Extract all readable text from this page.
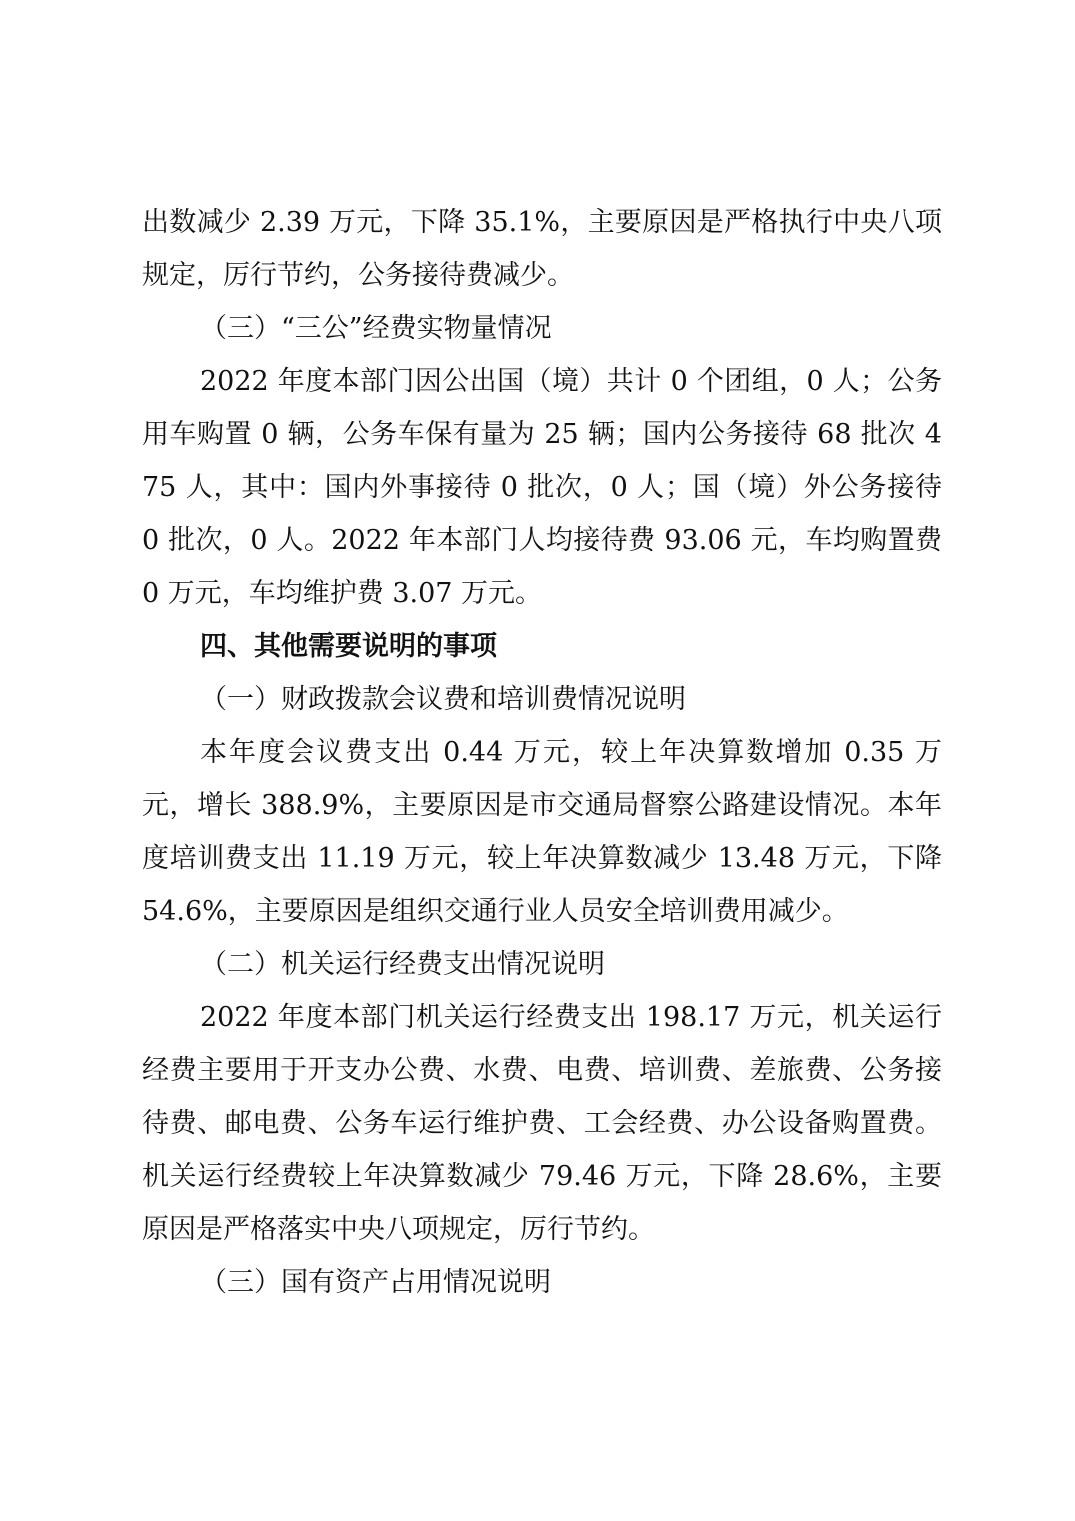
出数减少 2.39 万元，下降 35.1%，主要原因是严格执行中央八项规定，厉行节约，公务接待费减少。

（三）“三公”经费实物量情况

2022 年度本部门因公出国（境）共计 0 个团组，0 人；公务用车购置 0 辆，公务车保有量为 25 辆；国内公务接待 68 批次 475 人，其中：国内外事接待 0 批次，0 人；国（境）外公务接待 0 批次，0 人。2022 年本部门人均接待费 93.06 元，车均购置费 0 万元，车均维护费 3.07 万元。

四、其他需要说明的事项
（一）财政拨款会议费和培训费情况说明

本年度会议费支出 0.44 万元，较上年决算数增加 0.35 万元，增长 388.9%，主要原因是市交通局督察公路建设情况。本年度培训费支出 11.19 万元，较上年决算数减少 13.48 万元，下降 54.6%，主要原因是组织交通行业人员安全培训费用减少。

（二）机关运行经费支出情况说明

2022 年度本部门机关运行经费支出 198.17 万元，机关运行经费主要用于开支办公费、水费、电费、培训费、差旅费、公务接待费、邮电费、公务车运行维护费、工会经费、办公设备购置费。机关运行经费较上年决算数减少 79.46 万元，下降 28.6%，主要原因是严格落实中央八项规定，厉行节约。

（三）国有资产占用情况说明
